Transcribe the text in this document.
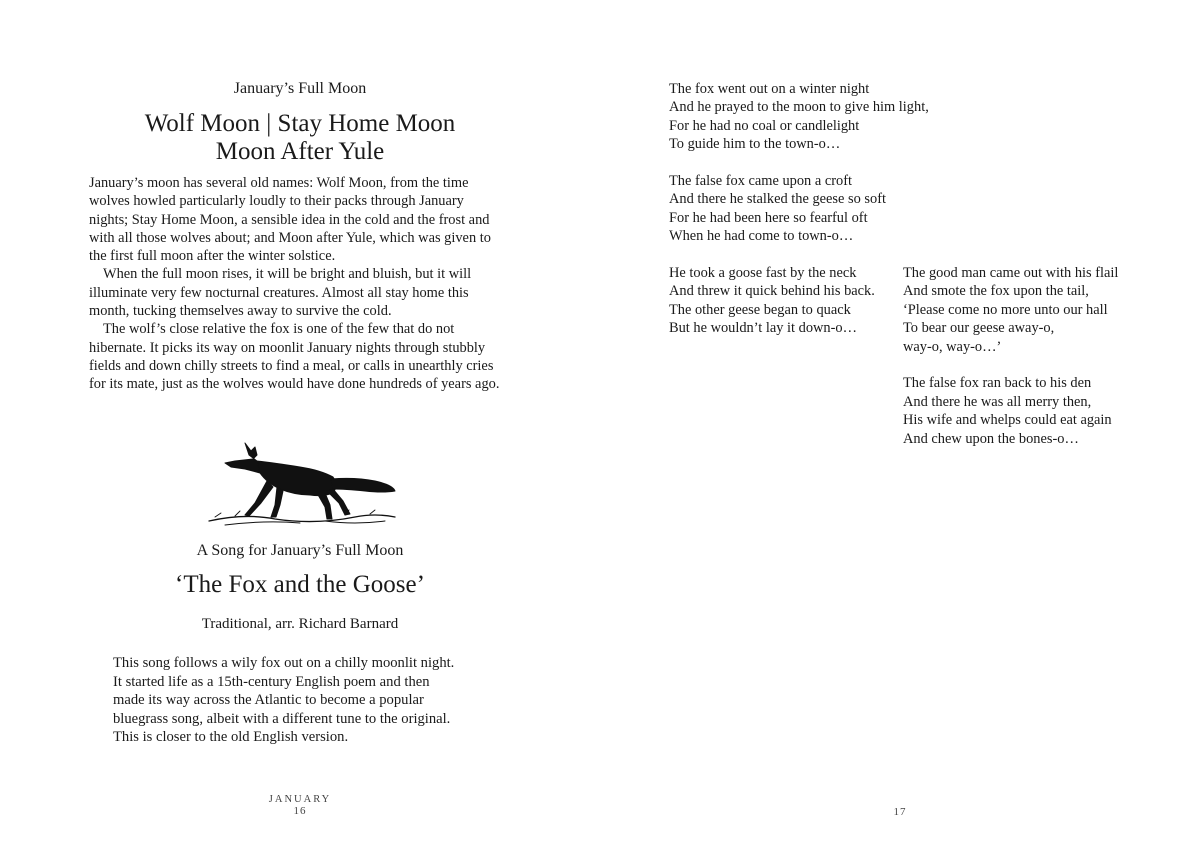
January’s Full Moon
Wolf Moon | Stay Home Moon
Moon After Yule

January’s moon has several old names: Wolf Moon, from the time wolves howled particularly loudly to their packs through January nights; Stay Home Moon, a sensible idea in the cold and the frost and with all those wolves about; and Moon after Yule, which was given to the first full moon after the winter solstice.

When the full moon rises, it will be bright and bluish, but it will illuminate very few nocturnal creatures. Almost all stay home this month, tucking themselves away to survive the cold.

The wolf’s close relative the fox is one of the few that do not hibernate. It picks its way on moonlit January nights through stubbly fields and down chilly streets to find a meal, or calls in unearthly cries for its mate, just as the wolves would have done hundreds of years ago.

A Song for January’s Full Moon
‘The Fox and the Goose’
Traditional, arr. Richard Barnard
This song follows a wily fox out on a chilly moonlit night. It started life as a 15th-century English poem and then made its way across the Atlantic to become a popular bluegrass song, albeit with a different tune to the original. This is closer to the old English version.
JANUARY
16
The fox went out on a winter night
And he prayed to the moon to give him light,
For he had no coal or candlelight
To guide him to the town-o…
The false fox came upon a croft
And there he stalked the geese so soft
For he had been here so fearful oft
When he had come to town-o…
He took a goose fast by the neck
And threw it quick behind his back.
The other geese began to quack
But he wouldn’t lay it down-o…
The good man came out with his flail
And smote the fox upon the tail,
‘Please come no more unto our hall
To bear our geese away-o,
way-o, way-o…’
The false fox ran back to his den
And there he was all merry then,
His wife and whelps could eat again
And chew upon the bones-o…
17
